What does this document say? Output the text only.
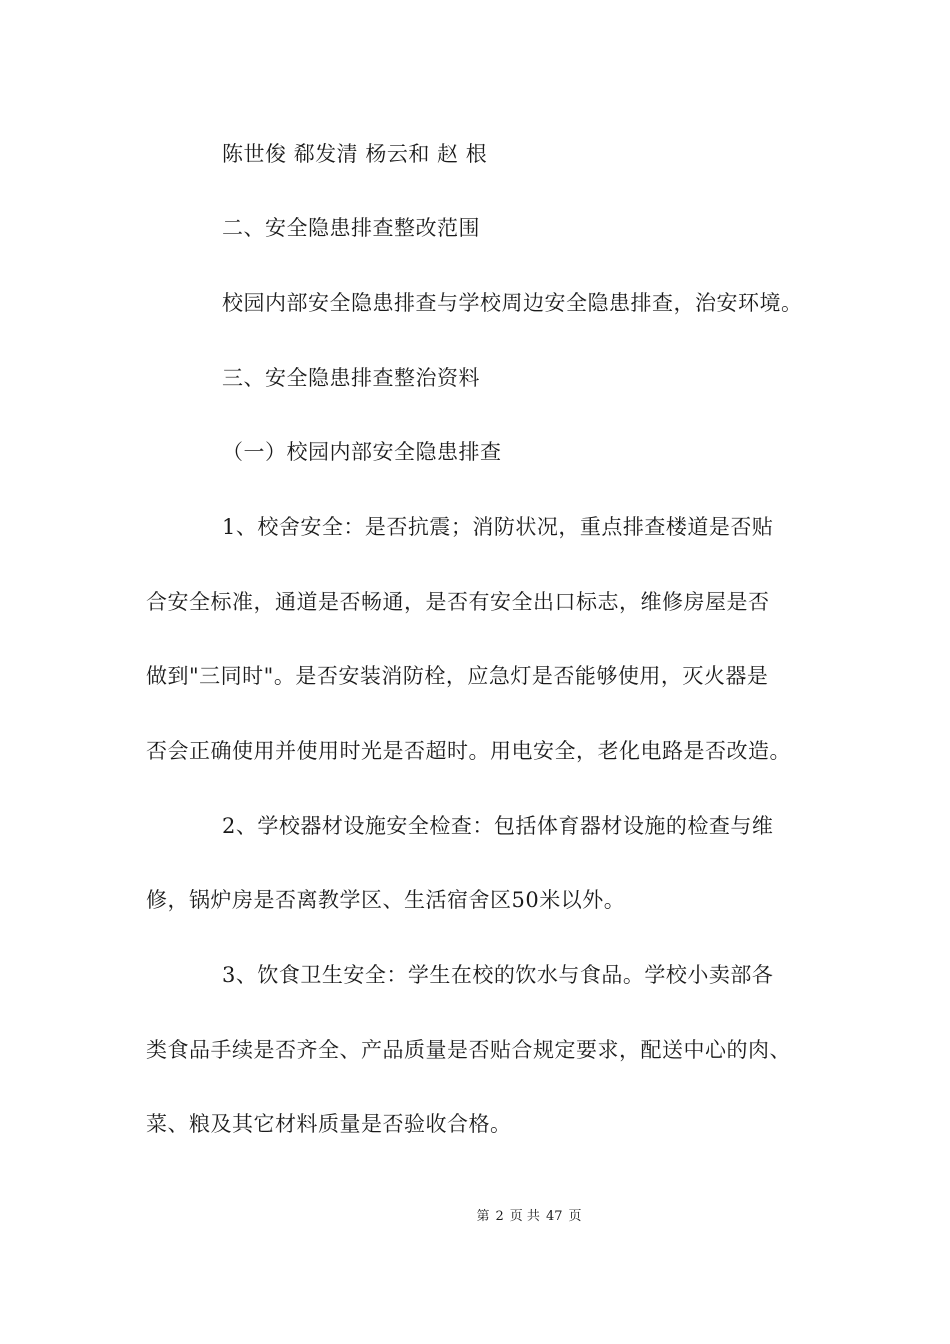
陈世俊 郗发清 杨云和 赵 根
二、安全隐患排查整改范围
校园内部安全隐患排查与学校周边安全隐患排查，治安环境。
三、安全隐患排查整治资料
（一）校园内部安全隐患排查
1、校舍安全：是否抗震；消防状况，重点排查楼道是否贴
合安全标准，通道是否畅通，是否有安全出口标志，维修房屋是否
做到"三同时"。是否安装消防栓，应急灯是否能够使用，灭火器是
否会正确使用并使用时光是否超时。用电安全，老化电路是否改造。
2、学校器材设施安全检查：包括体育器材设施的检查与维
修，锅炉房是否离教学区、生活宿舍区50米以外。
3、饮食卫生安全：学生在校的饮水与食品。学校小卖部各
类食品手续是否齐全、产品质量是否贴合规定要求，配送中心的肉、
菜、粮及其它材料质量是否验收合格。
第 2 页 共 47 页
